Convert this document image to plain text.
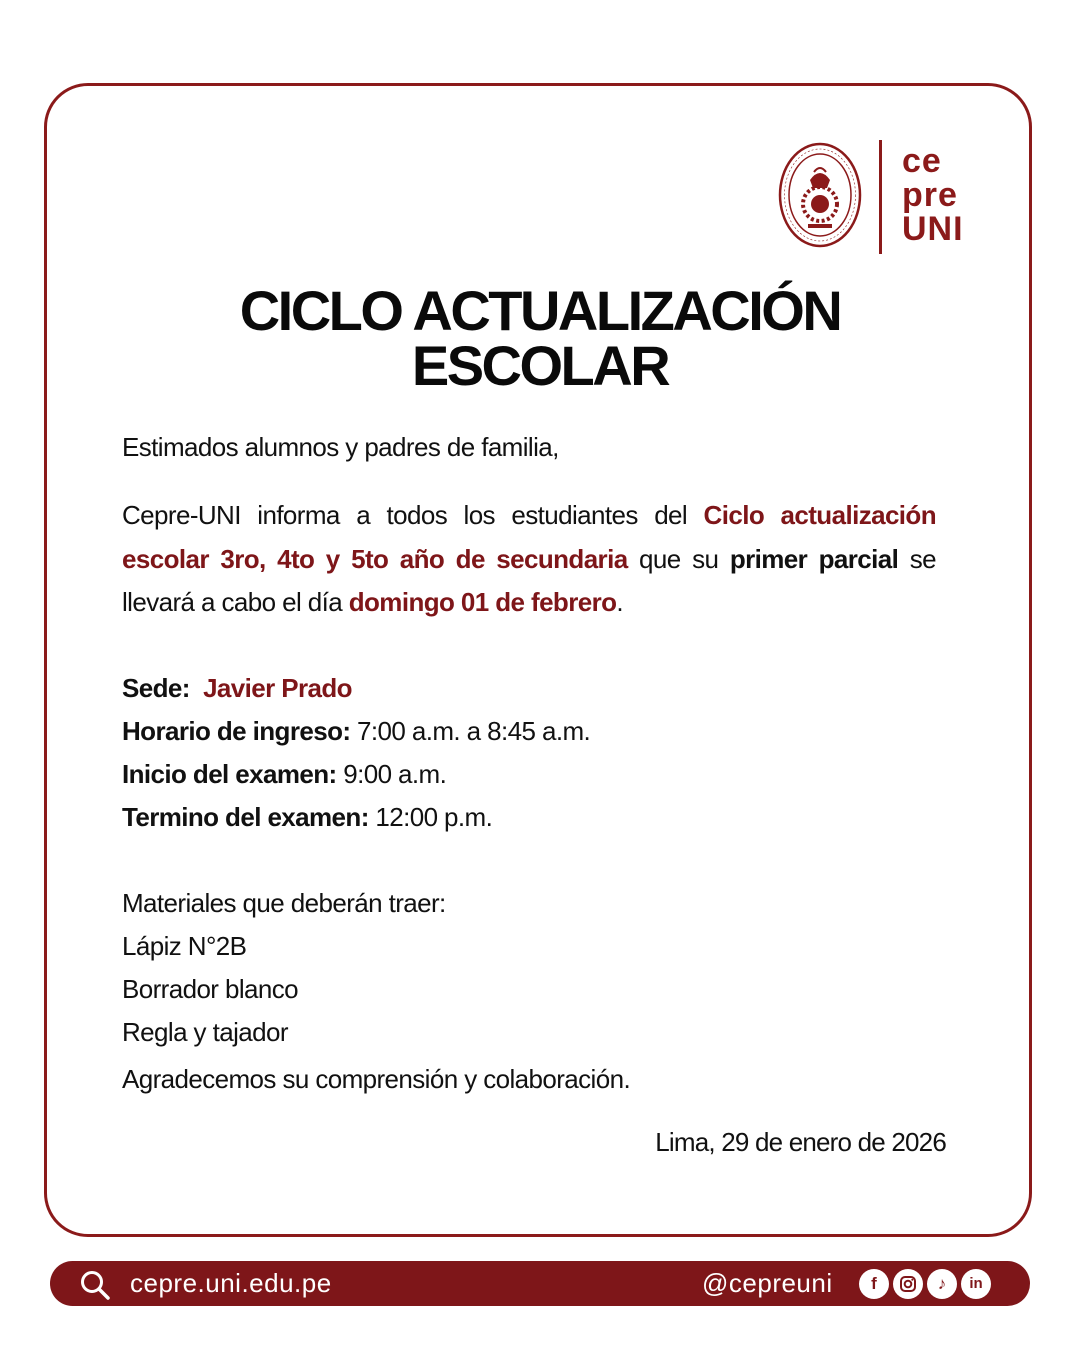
ce
pre
UNI
CICLO ACTUALIZACIÓN
ESCOLAR
Estimados alumnos y padres de familia,
Cepre-UNI informa a todos los estudiantes del Ciclo actualización escolar 3ro, 4to y 5to año de secundaria que su primer parcial se llevará a cabo el día domingo 01 de febrero.
Sede: Javier Prado
Horario de ingreso: 7:00 a.m. a 8:45 a.m.
Inicio del examen: 9:00 a.m.
Termino del examen: 12:00 p.m.
Materiales que deberán traer:
Lápiz N°2B
Borrador blanco
Regla y tajador
Agradecemos su comprensión y colaboración.
Lima, 29 de enero de 2026
cepre.uni.edu.pe	@cepreuni	f	♪	in
